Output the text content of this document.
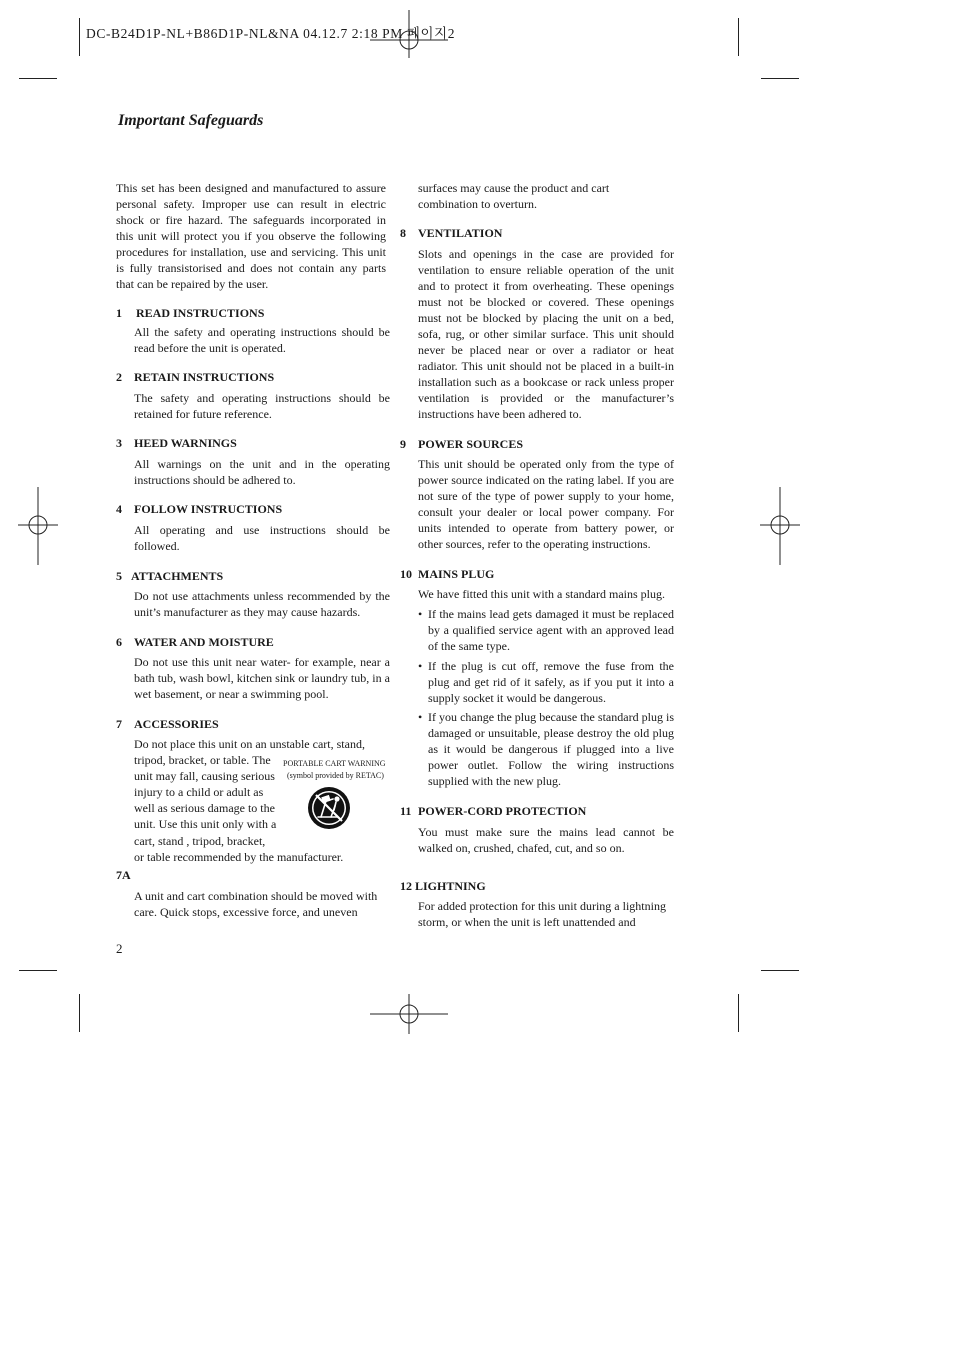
DC-B24D1P-NL+B86D1P-NL&NA 04.12.7 2:18 PM 페이지2
Important Safeguards
This set has been designed and manufactured to assure personal safety. Improper use can result in electric shock or fire hazard. The safeguards incorporated in this unit will protect you if you observe the following procedures for installation, use and servicing. This unit is fully transistorised and does not contain any parts that can be repaired by the user.
1 READ INSTRUCTIONS
All the safety and operating instructions should be read before the unit is operated.
2 RETAIN INSTRUCTIONS
The safety and operating instructions should be retained for future reference.
3 HEED WARNINGS
All warnings on the unit and in the operating instructions should be adhered to.
4 FOLLOW INSTRUCTIONS
All operating and use instructions should be followed.
5 ATTACHMENTS
Do not use attachments unless recommended by the unit’s manufacturer as they may cause hazards.
6 WATER AND MOISTURE
Do not use this unit near water- for example, near a bath tub, wash bowl, kitchen sink or laundry tub, in a wet basement, or near a swimming pool.
7 ACCESSORIES
Do not place this unit on an unstable cart, stand,
tripod, bracket, or table. The
unit may fall, causing serious
injury to a child or adult as
well as serious damage to the
unit. Use this unit only with a
cart, stand , tripod, bracket,
or table recommended by the manufacturer.
PORTABLE CART WARNING
(symbol provided by RETAC)
7A
A unit and cart combination should be moved with care. Quick stops, excessive force, and uneven
2
surfaces may cause the product and cart combination to overturn.
8 VENTILATION
Slots and openings in the case are provided for ventilation to ensure reliable operation of the unit and to protect it from overheating. These openings must not be blocked or covered. These openings must not be blocked by placing the unit on a bed, sofa, rug, or other similar surface. This unit should never be placed near or over a radiator or heat radiator. This unit should not be placed in a built-in installation such as a bookcase or rack unless proper ventilation is provided or the manufacturer’s instructions have been adhered to.
9 POWER SOURCES
This unit should be operated only from the type of power source indicated on the rating label. If you are not sure of the type of power supply to your home, consult your dealer or local power company. For units intended to operate from battery power, or other sources, refer to the operating instructions.
10 MAINS PLUG
We have fitted this unit with a standard mains plug.
• If the mains lead gets damaged it must be replaced by a qualified service agent with an approved lead of the same type.
• If the plug is cut off, remove the fuse from the plug and get rid of it safely, as if you put it into a supply socket it would be dangerous.
• If you change the plug because the standard plug is damaged or unsuitable, please destroy the old plug as it would be dangerous if plugged into a live power outlet. Follow the wiring instructions supplied with the new plug.
11 POWER-CORD PROTECTION
You must make sure the mains lead cannot be walked on, crushed, chafed, cut, and so on.
12 LIGHTNING
For added protection for this unit during a lightning storm, or when the unit is left unattended and
